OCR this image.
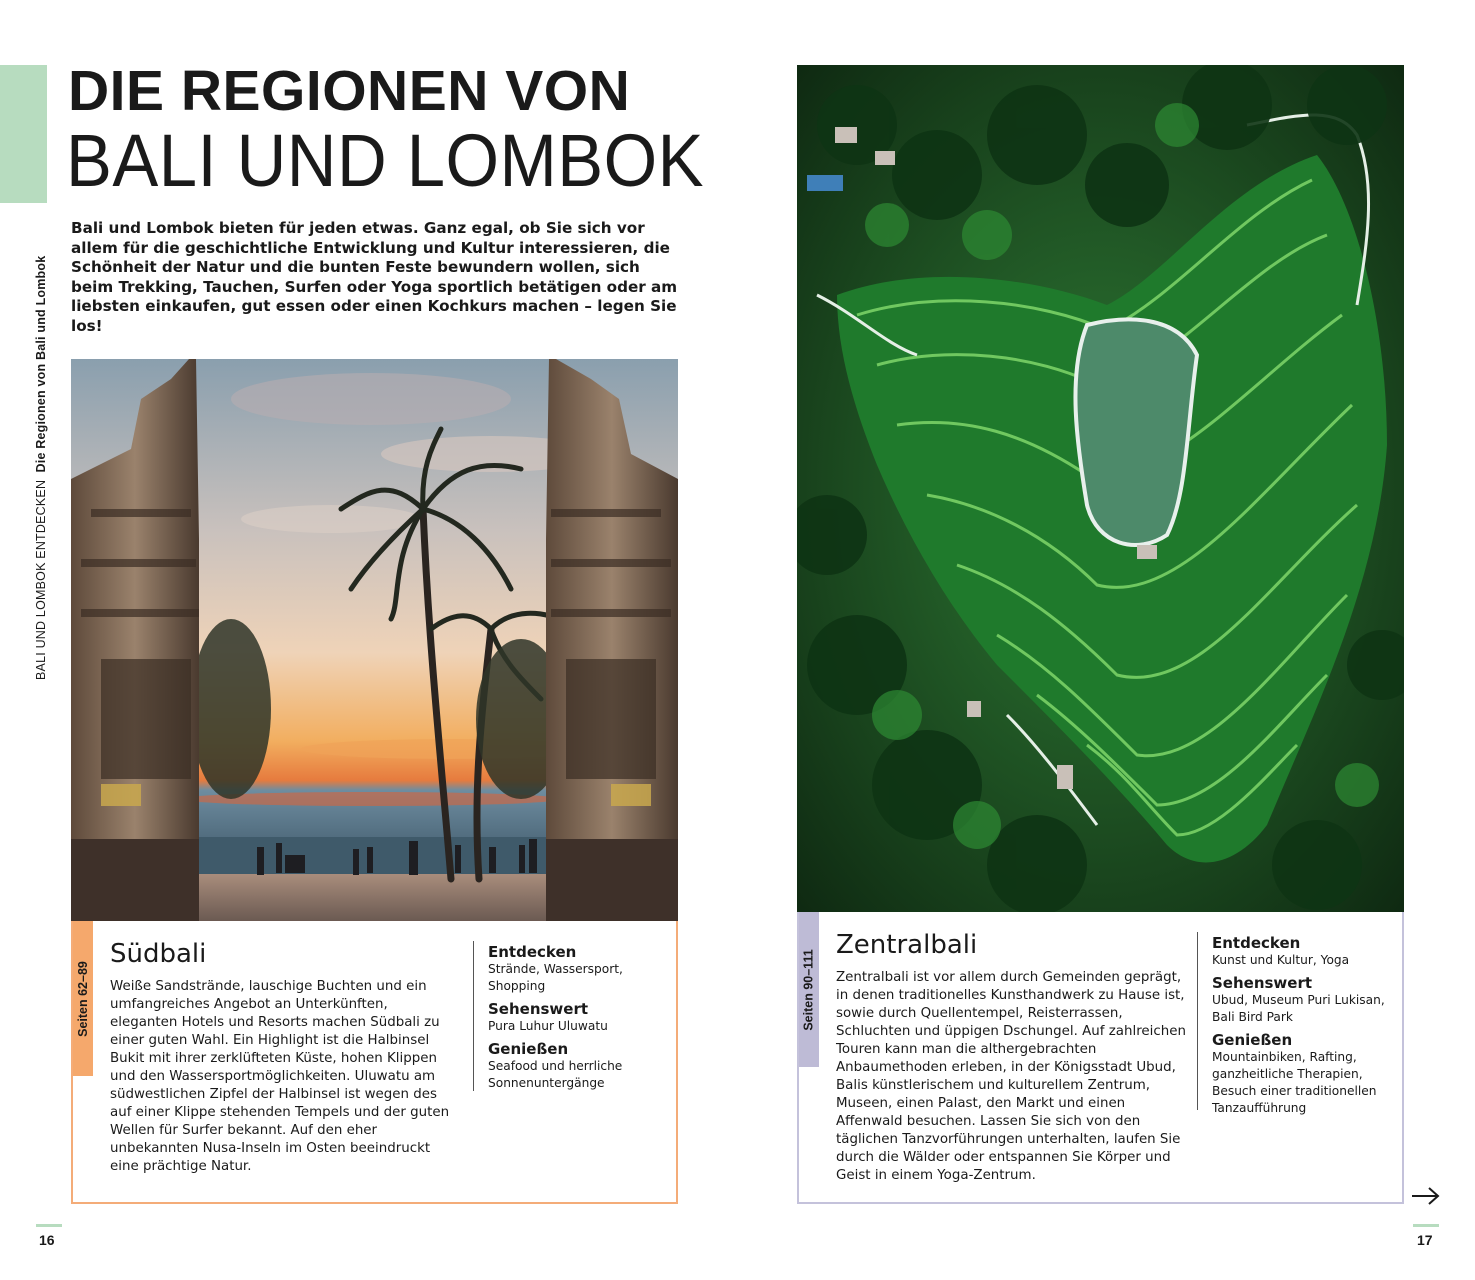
BALI UND LOMBOK ENTDECKEN  Die Regionen von Bali und Lombok
DIE REGIONEN VON
BALI UND LOMBOK

Bali und Lombok bieten für jeden etwas. Ganz egal, ob Sie sich vor allem für die geschichtliche Entwicklung und Kultur interessieren, die Schönheit der Natur und die bunten Feste bewundern wollen, sich beim Trekking, Tauchen, Surfen oder Yoga sportlich betätigen oder am liebsten einkaufen, gut essen oder einen Kochkurs machen – legen Sie los!

Seiten 62–89
Südbali

Weiße Sandstrände, lauschige Buchten und ein umfangreiches Angebot an Unterkünften, eleganten Hotels und Resorts machen Südbali zu einer guten Wahl. Ein Highlight ist die Halbinsel Bukit mit ihrer zerklüfteten Küste, hohen Klippen und den Wassersportmöglichkeiten. Uluwatu am südwestlichen Zipfel der Halbinsel ist wegen des auf einer Klippe stehenden Tempels und der guten Wellen für Surfer bekannt. Auf den eher unbekannten Nusa-Inseln im Osten beeindruckt eine prächtige Natur.

Entdecken

Strände, Wassersport, Shopping

Sehenswert

Pura Luhur Uluwatu

Genießen

Seafood und herrliche Sonnenuntergänge

Seiten 90–111
Zentralbali

Zentralbali ist vor allem durch Gemeinden geprägt, in denen traditionelles Kunsthandwerk zu Hause ist, sowie durch Quellentempel, Reisterrassen, Schluchten und üppigen Dschungel. Auf zahlreichen Touren kann man die althergebrachten Anbaumethoden erleben, in der Königsstadt Ubud, Balis künstlerischem und kulturellem Zentrum, Museen, einen Palast, den Markt und einen Affenwald besuchen. Lassen Sie sich von den täglichen Tanzvorführungen unterhalten, laufen Sie durch die Wälder oder entspannen Sie Körper und Geist in einem Yoga-Zentrum.

Entdecken

Kunst und Kultur, Yoga

Sehenswert

Ubud, Museum Puri Lukisan, Bali Bird Park

Genießen

Mountainbiken, Rafting, ganzheitliche Therapien, Besuch einer traditionellen Tanzaufführung

16	17
